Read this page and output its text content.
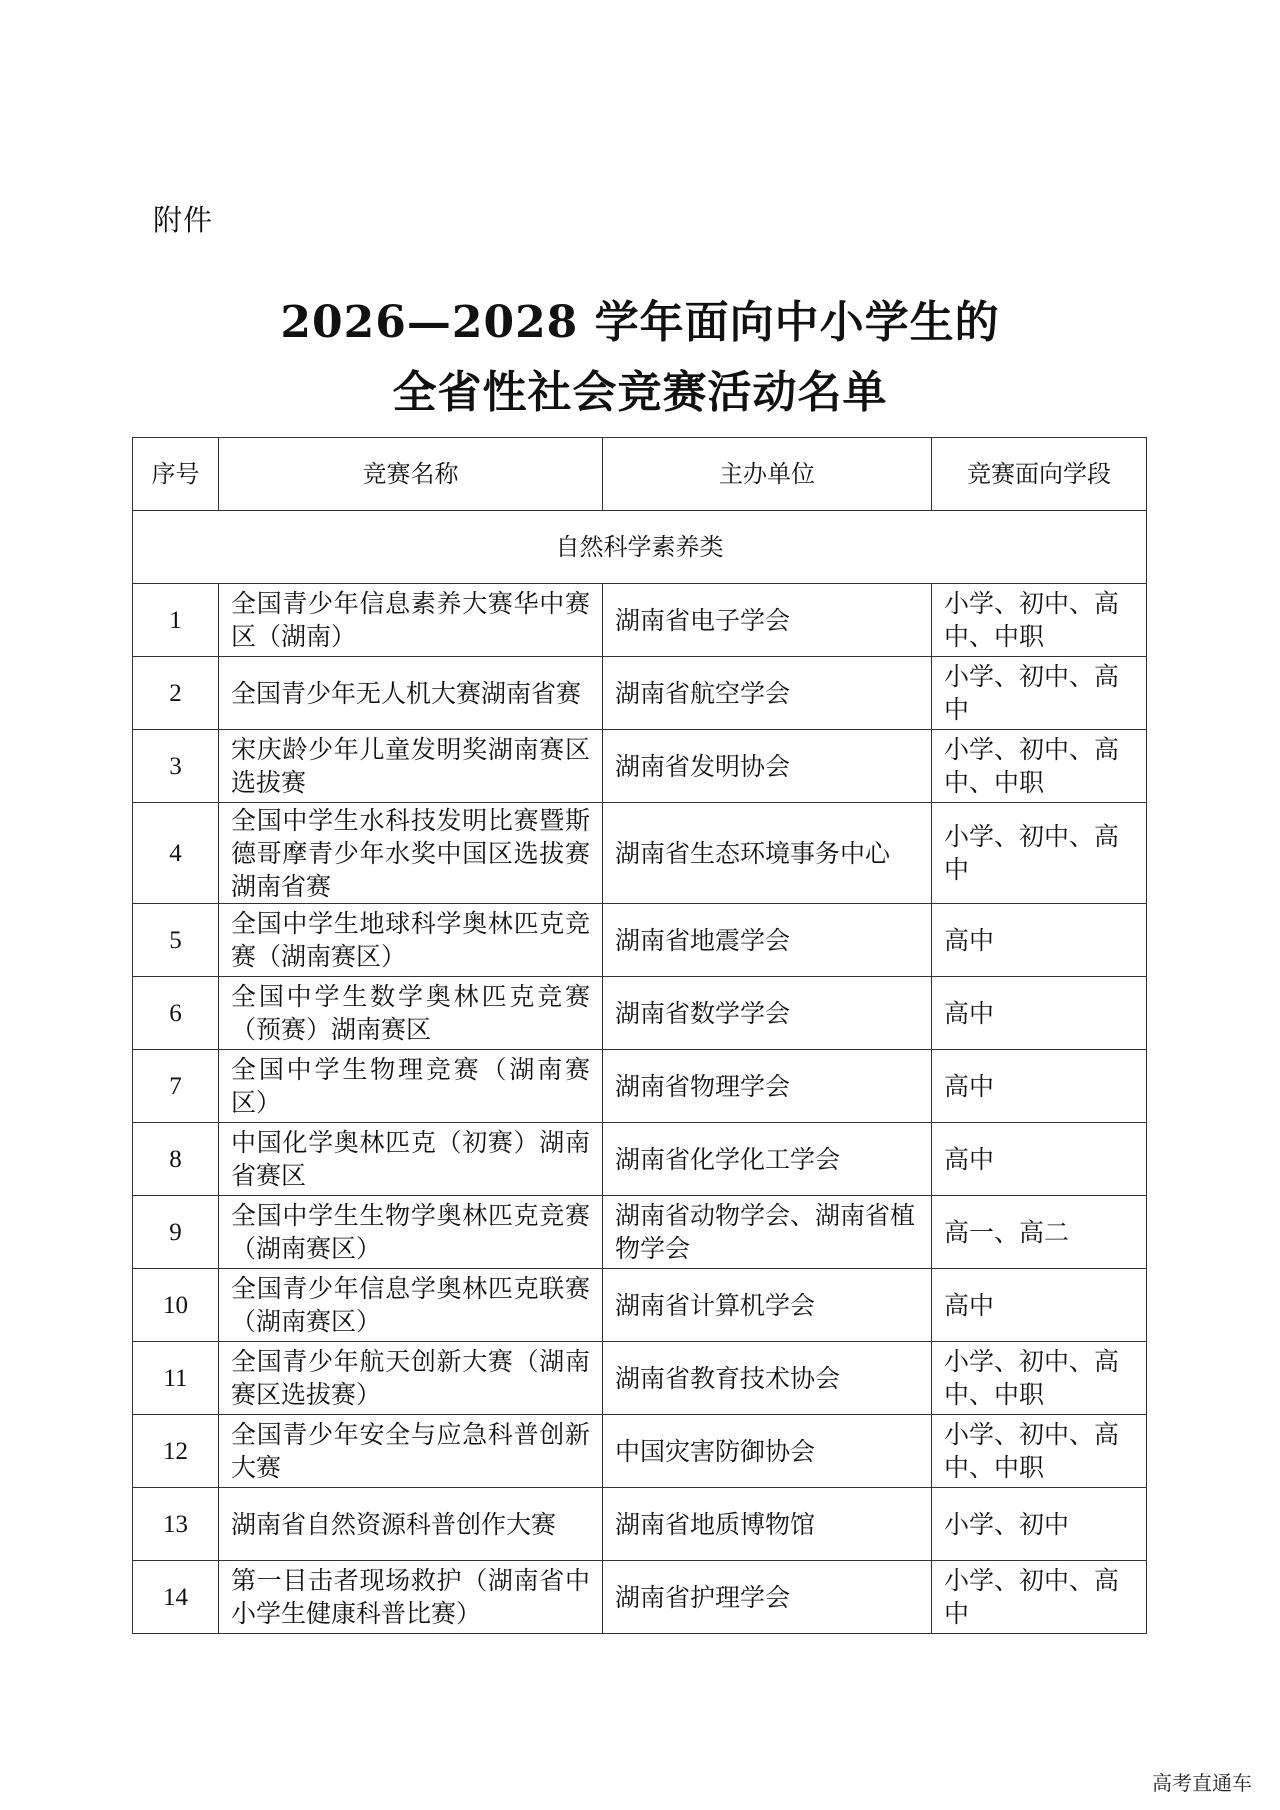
附件
2026—2028 学年面向中小学生的
全省性社会竞赛活动名单
序号	竞赛名称	主办单位	竞赛面向学段
自然科学素养类			
1	全国青少年信息素养大赛华中赛区（湖南）	湖南省电子学会	小学、初中、高中、中职
2	全国青少年无人机大赛湖南省赛	湖南省航空学会	小学、初中、高中
3	宋庆龄少年儿童发明奖湖南赛区选拔赛	湖南省发明协会	小学、初中、高中、中职
4	全国中学生水科技发明比赛暨斯德哥摩青少年水奖中国区选拔赛湖南省赛	湖南省生态环境事务中心	小学、初中、高中
5	全国中学生地球科学奥林匹克竞赛（湖南赛区）	湖南省地震学会	高中
6	全国中学生数学奥林匹克竞赛（预赛）湖南赛区	湖南省数学学会	高中
7	全国中学生物理竞赛（湖南赛区）	湖南省物理学会	高中
8	中国化学奥林匹克（初赛）湖南省赛区	湖南省化学化工学会	高中
9	全国中学生生物学奥林匹克竞赛（湖南赛区）	湖南省动物学会、湖南省植物学会	高一、高二
10	全国青少年信息学奥林匹克联赛（湖南赛区）	湖南省计算机学会	高中
11	全国青少年航天创新大赛（湖南赛区选拔赛）	湖南省教育技术协会	小学、初中、高中、中职
12	全国青少年安全与应急科普创新大赛	中国灾害防御协会	小学、初中、高中、中职
13	湖南省自然资源科普创作大赛	湖南省地质博物馆	小学、初中
14	第一目击者现场救护（湖南省中小学生健康科普比赛）	湖南省护理学会	小学、初中、高中
高考直通车
